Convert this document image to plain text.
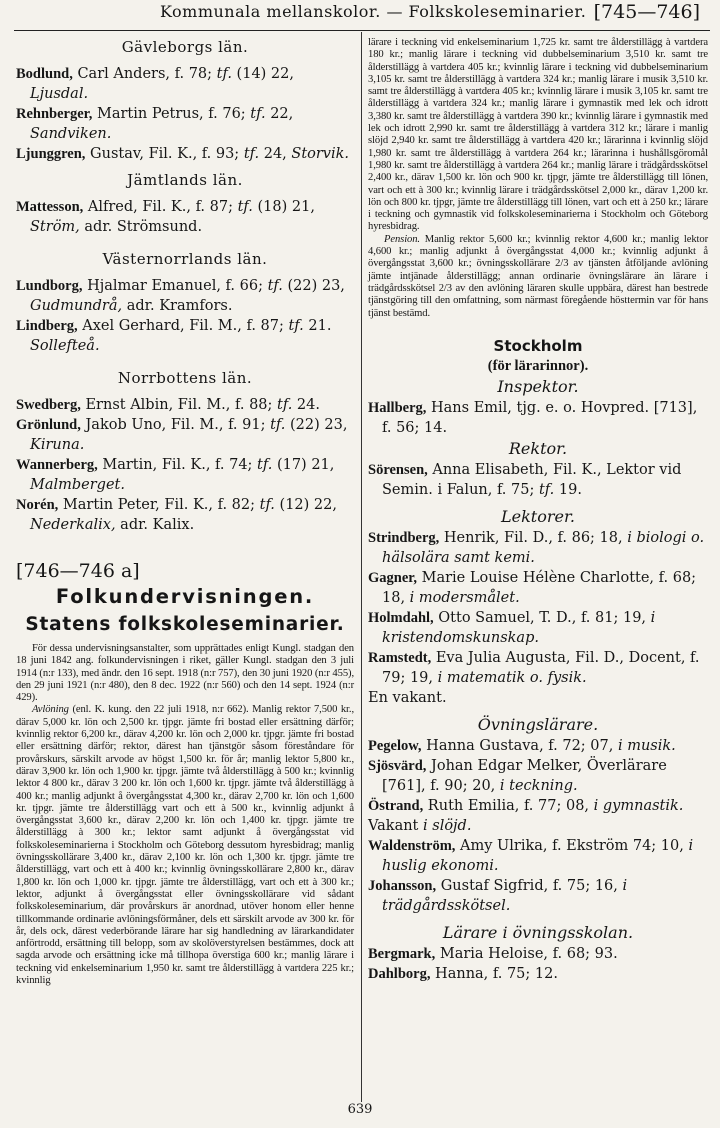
Kommunala mellanskolor. — Folkskoleseminarier. [745—746]
Gävleborgs län.
Bodlund, Carl Anders, f. 78; tf. (14) 22, Ljusdal.
Rehnberger, Martin Petrus, f. 76; tf. 22, Sandviken.
Ljunggren, Gustav, Fil. K., f. 93; tf. 24, Storvik.
Jämtlands län.
Mattesson, Alfred, Fil. K., f. 87; tf. (18) 21, Ström, adr. Strömsund.
Västernorrlands län.
Lundborg, Hjalmar Emanuel, f. 66; tf. (22) 23, Gudmundrå, adr. Kramfors.
Lindberg, Axel Gerhard, Fil. M., f. 87; tf. 21. Sollefteå.
Norrbottens län.
Swedberg, Ernst Albin, Fil. M., f. 88; tf. 24.
Grönlund, Jakob Uno, Fil. M., f. 91; tf. (22) 23, Kiruna.
Wannerberg, Martin, Fil. K., f. 74; tf. (17) 21, Malmberget.
Norén, Martin Peter, Fil. K., f. 82; tf. (12) 22, Nederkalix, adr. Kalix.
[746—746 a]
Folkundervisningen.
Statens folkskoleseminarier.
För dessa undervisningsanstalter, som upprättades enligt Kungl. stadgan den 18 juni 1842 ang. folkundervisningen i riket, gäller Kungl. stadgan den 3 juli 1914 (n:r 133), med ändr. den 16 sept. 1918 (n:r 757), den 30 juni 1920 (n:r 455), den 29 juni 1921 (n:r 480), den 8 dec. 1922 (n:r 560) och den 14 sept. 1924 (n:r 429).
Avlöning (enl. K. kung. den 22 juli 1918, n:r 662). Manlig rektor 7,500 kr., därav 5,000 kr. lön och 2,500 kr. tjpgr. jämte fri bostad eller ersättning därför; kvinnlig rektor 6,200 kr., därav 4,200 kr. lön och 2,000 kr. tjpgr. jämte fri bostad eller ersättning därför; rektor, därest han tjänstgör såsom föreståndare för provårskurs, särskilt arvode av högst 1,500 kr. för år; manlig lektor 5,800 kr., därav 3,900 kr. lön och 1,900 kr. tjpgr. jämte två ålderstillägg à 500 kr.; kvinnlig lektor 4 800 kr., därav 3 200 kr. lön och 1,600 kr. tjpgr. jämte två ålderstillägg à 400 kr.; manlig adjunkt å övergångsstat 4,300 kr., därav 2,700 kr. lön och 1,600 kr. tjpgr. jämte tre ålderstillägg vart och ett à 500 kr., kvinnlig adjunkt å övergångsstat 3,600 kr., därav 2,200 kr. lön och 1,400 kr. tjpgr. jämte tre ålderstillägg à 300 kr.; lektor samt adjunkt å övergångsstat vid folkskoleseminarierna i Stockholm och Göteborg dessutom hyresbidrag; manlig övningsskollärare 3,400 kr., därav 2,100 kr. lön och 1,300 kr. tjpgr. jämte tre ålderstillägg, vart och ett à 400 kr.; kvinnlig övningsskollärare 2,800 kr., därav 1,800 kr. lön och 1,000 kr. tjpgr. jämte tre ålderstillägg, vart och ett à 300 kr.; lektor, adjunkt å övergångsstat eller övningsskollärare vid sådant folkskoleseminarium, där provårskurs är anordnad, utöver honom eller henne tillkommande ordinarie avlöningsförmåner, dels ett särskilt arvode av 300 kr. för år, dels ock, därest vederbörande lärare har sig handledning av lärarkandidater anförtrodd, ersättning till belopp, som av skolöverstyrelsen bestämmes, dock att sagda arvode och ersättning icke må tillhopa överstiga 600 kr.; manlig lärare i teckning vid enkelseminarium 1,950 kr. samt tre ålderstillägg à vartdera 225 kr.; kvinnlig
lärare i teckning vid enkelseminarium 1,725 kr. samt tre ålderstillägg à vartdera 180 kr.; manlig lärare i teckning vid dubbelseminarium 3,510 kr. samt tre ålderstillägg à vartdera 405 kr.; kvinnlig lärare i teckning vid dubbelseminarium 3,105 kr. samt tre ålderstillägg à vartdera 324 kr.; manlig lärare i musik 3,510 kr. samt tre ålderstillägg à vartdera 405 kr.; kvinnlig lärare i musik 3,105 kr. samt tre ålderstillägg à vartdera 324 kr.; manlig lärare i gymnastik med lek och idrott 3,380 kr. samt tre ålderstillägg à vartdera 390 kr.; kvinnlig lärare i gymnastik med lek och idrott 2,990 kr. samt tre ålderstillägg à vartdera 312 kr.; lärare i manlig slöjd 2,940 kr. samt tre ålderstillägg à vartdera 420 kr.; lärarinna i kvinnlig slöjd 1,980 kr. samt tre ålderstillägg à vartdera 264 kr.; lärarinna i hushållsgöromål 1,980 kr. samt tre ålderstillägg à vartdera 264 kr.; manlig lärare i trädgårdsskötsel 2,400 kr., därav 1,500 kr. lön och 900 kr. tjpgr, jämte tre ålderstillägg till lönen, vart och ett à 300 kr.; kvinnlig lärare i trädgårdsskötsel 2,000 kr., därav 1,200 kr. lön och 800 kr. tjpgr, jämte tre ålderstillägg till lönen, vart och ett à 250 kr.; lärare i teckning och gymnastik vid folkskoleseminarierna i Stockholm och Göteborg hyresbidrag.
Pension. Manlig rektor 5,600 kr.; kvinnlig rektor 4,600 kr.; manlig lektor 4,600 kr.; manlig adjunkt å övergångsstat 4,000 kr.; kvinnlig adjunkt å övergångsstat 3,600 kr.; övningsskollärare 2/3 av tjänsten åtföljande avlöning jämte intjänade ålderstillägg; annan ordinarie övningslärare än lärare i trädgårdsskötsel 2/3 av den avlöning läraren skulle uppbära, därest han bestrede tjänstgöring till den omfattning, som närmast föregående hösttermin var för hans tjänst bestämd.
Stockholm
(för lärarinnor).
Inspektor.
Hallberg, Hans Emil, tjg. e. o. Hovpred. [713], f. 56; 14.
Rektor.
Sörensen, Anna Elisabeth, Fil. K., Lektor vid Semin. i Falun, f. 75; tf. 19.
Lektorer.
Strindberg, Henrik, Fil. D., f. 86; 18, i biologi o. hälsolära samt kemi.
Gagner, Marie Louise Hélène Charlotte, f. 68; 18, i modersmålet.
Holmdahl, Otto Samuel, T. D., f. 81; 19, i kristendomskunskap.
Ramstedt, Eva Julia Augusta, Fil. D., Docent, f. 79; 19, i matematik o. fysik.
En vakant.
Övningslärare.
Pegelow, Hanna Gustava, f. 72; 07, i musik.
Sjösvärd, Johan Edgar Melker, Överlärare [761], f. 90; 20, i teckning.
Östrand, Ruth Emilia, f. 77; 08, i gymnastik.
Vakant i slöjd.
Waldenström, Amy Ulrika, f. Ekström 74; 10, i huslig ekonomi.
Johansson, Gustaf Sigfrid, f. 75; 16, i trädgårdsskötsel.
Lärare i övningsskolan.
Bergmark, Maria Heloise, f. 68; 93.
Dahlborg, Hanna, f. 75; 12.
639
